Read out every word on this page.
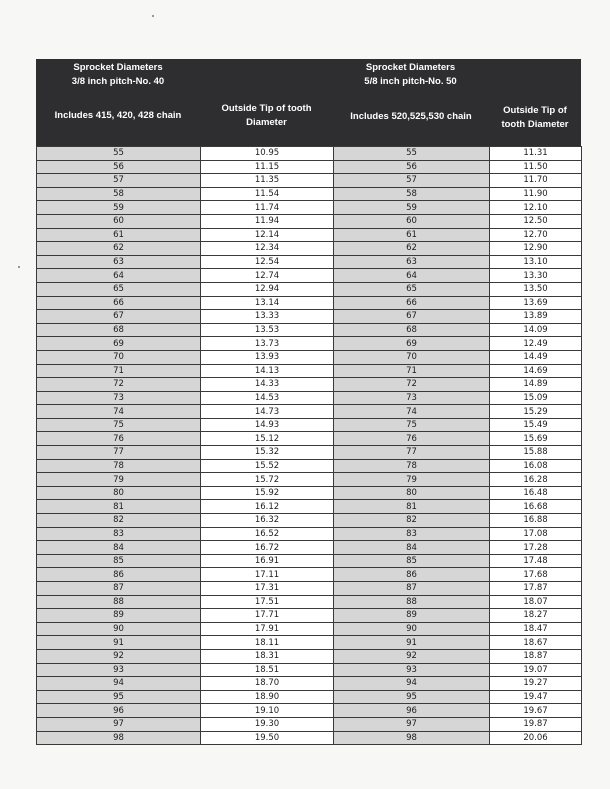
Sprocket Diameters
3/8 inch pitch-No. 40
Sprocket Diameters
5/8 inch pitch-No. 50
Includes 415, 420, 428 chain
Outside Tip of tooth
Diameter
Includes 520,525,530 chain
Outside Tip of
tooth Diameter
55	10.95	55	11.31
56	11.15	56	11.50
57	11.35	57	11.70
58	11.54	58	11.90
59	11.74	59	12.10
60	11.94	60	12.50
61	12.14	61	12.70
62	12.34	62	12.90
63	12.54	63	13.10
64	12.74	64	13.30
65	12.94	65	13.50
66	13.14	66	13.69
67	13.33	67	13.89
68	13.53	68	14.09
69	13.73	69	12.49
70	13.93	70	14.49
71	14.13	71	14.69
72	14.33	72	14.89
73	14.53	73	15.09
74	14.73	74	15.29
75	14.93	75	15.49
76	15.12	76	15.69
77	15.32	77	15.88
78	15.52	78	16.08
79	15.72	79	16.28
80	15.92	80	16.48
81	16.12	81	16.68
82	16.32	82	16.88
83	16.52	83	17.08
84	16.72	84	17.28
85	16.91	85	17.48
86	17.11	86	17.68
87	17.31	87	17.87
88	17.51	88	18.07
89	17.71	89	18.27
90	17.91	90	18.47
91	18.11	91	18.67
92	18.31	92	18.87
93	18.51	93	19.07
94	18.70	94	19.27
95	18.90	95	19.47
96	19.10	96	19.67
97	19.30	97	19.87
98	19.50	98	20.06
